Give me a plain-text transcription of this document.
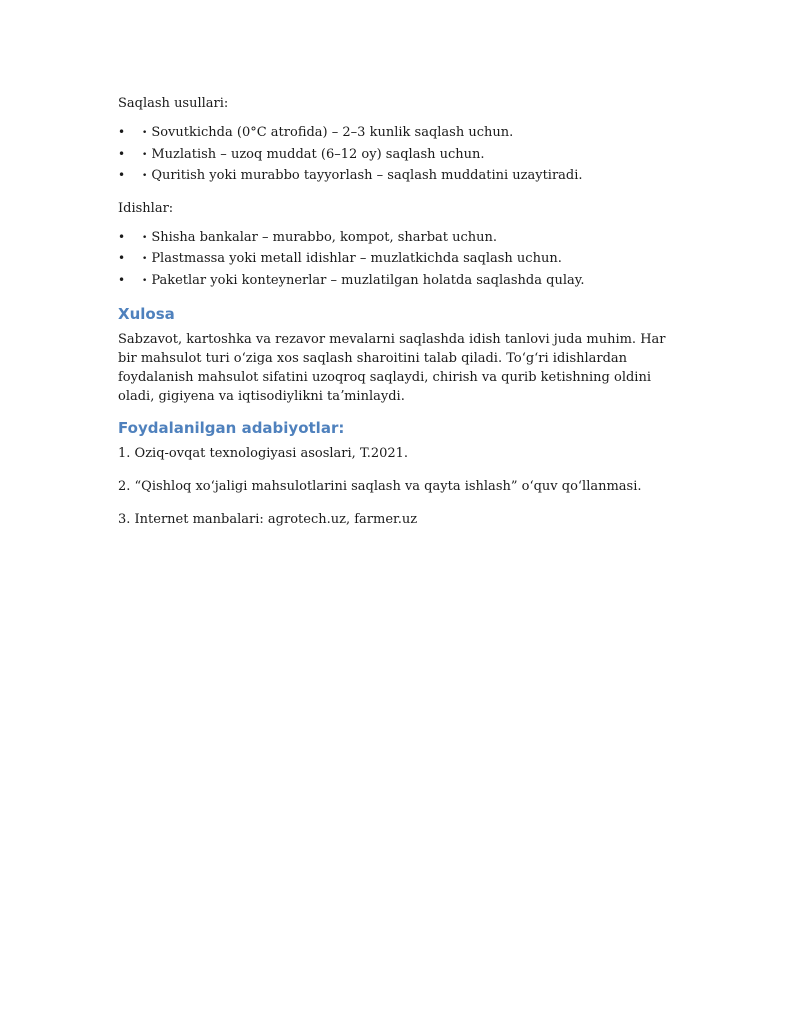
Saqlash usullari:

• • Sovutkichda (0°C atrofida) – 2–3 kunlik saqlash uchun.
• • Muzlatish – uzoq muddat (6–12 oy) saqlash uchun.
• • Quritish yoki murabbo tayyorlash – saqlash muddatini uzaytiradi.

Idishlar:

• • Shisha bankalar – murabbo, kompot, sharbat uchun.
• • Plastmassa yoki metall idishlar – muzlatkichda saqlash uchun.
• • Paketlar yoki konteynerlar – muzlatilgan holatda saqlashda qulay.
Xulosa

Sabzavot, kartoshka va rezavor mevalarni saqlashda idish tanlovi juda muhim. Har bir mahsulot turi oʻziga xos saqlash sharoitini talab qiladi. Toʻgʻri idishlardan foydalanish mahsulot sifatini uzoqroq saqlaydi, chirish va qurib ketishning oldini oladi, gigiyena va iqtisodiylikni taʼminlaydi.

Foydalanilgan adabiyotlar:

1. Oziq-ovqat texnologiyasi asoslari, T.2021.

2. “Qishloq xoʻjaligi mahsulotlarini saqlash va qayta ishlash” oʻquv qoʻllanmasi.

3. Internet manbalari: agrotech.uz, farmer.uz
